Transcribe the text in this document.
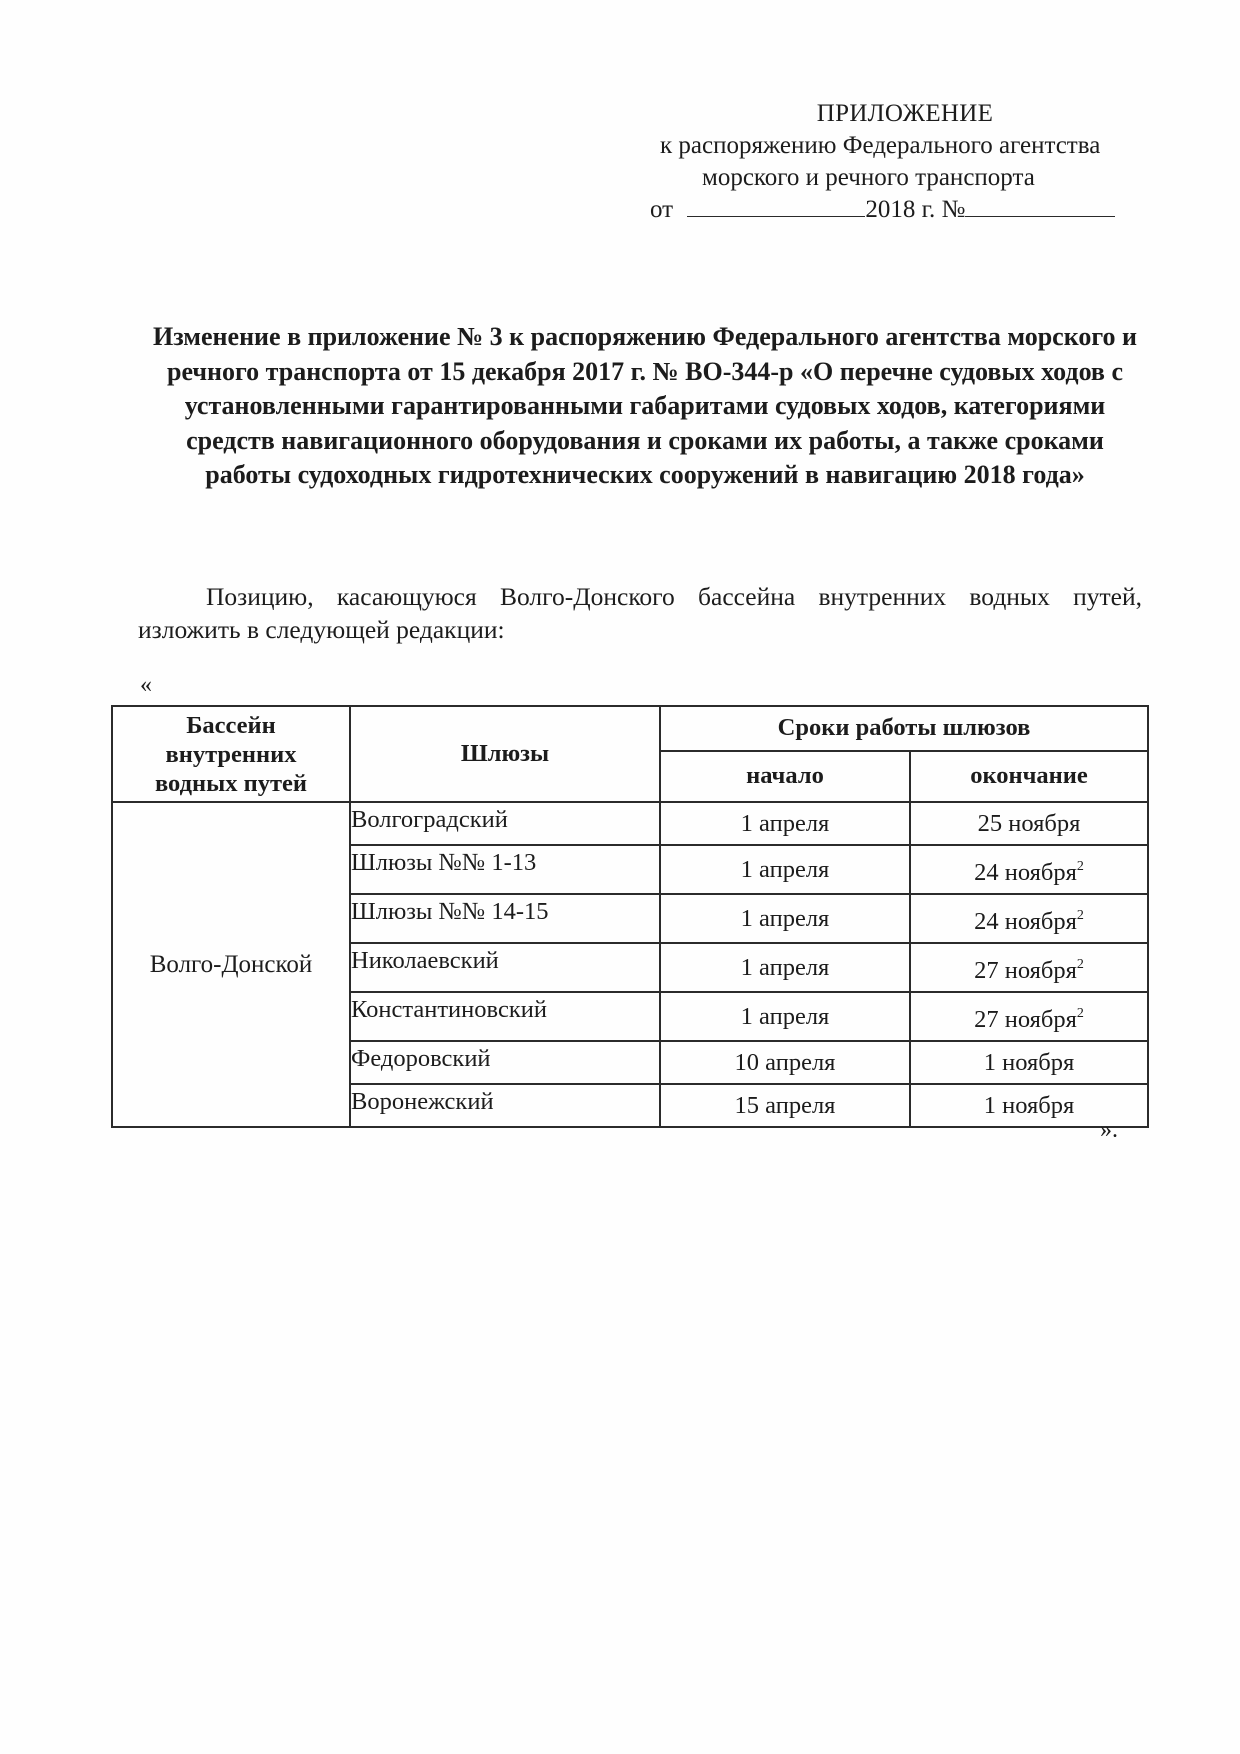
ПРИЛОЖЕНИЕ
к распоряжению Федерального агентства
морского и речного транспорта
от	2018 г. №
Изменение в приложение № 3 к распоряжению Федерального агентства морского и речного транспорта от 15 декабря 2017 г. № ВО-344-р «О перечне судовых ходов с установленными гарантированными габаритами судовых ходов, категориями средств навигационного оборудования и сроками их работы, а также сроками работы судоходных гидротехнических сооружений в навигацию 2018 года»
Позицию, касающуюся Волго-Донского бассейна внутренних водных путей, изложить в следующей редакции:
«
Бассейн
внутренних
водных путей	Шлюзы	Сроки работы шлюзов	
		начало	окончание
Волго-Донской	Волгоградский	1 апреля	25 ноября
	Шлюзы №№ 1-13	1 апреля	24 ноября$^2$
	Шлюзы №№ 14-15	1 апреля	24 ноября$^2$
	Николаевский	1 апреля	27 ноября$^2$
	Константиновский	1 апреля	27 ноября$^2$
	Федоровский	10 апреля	1 ноября
	Воронежский	15 апреля	1 ноября
».
